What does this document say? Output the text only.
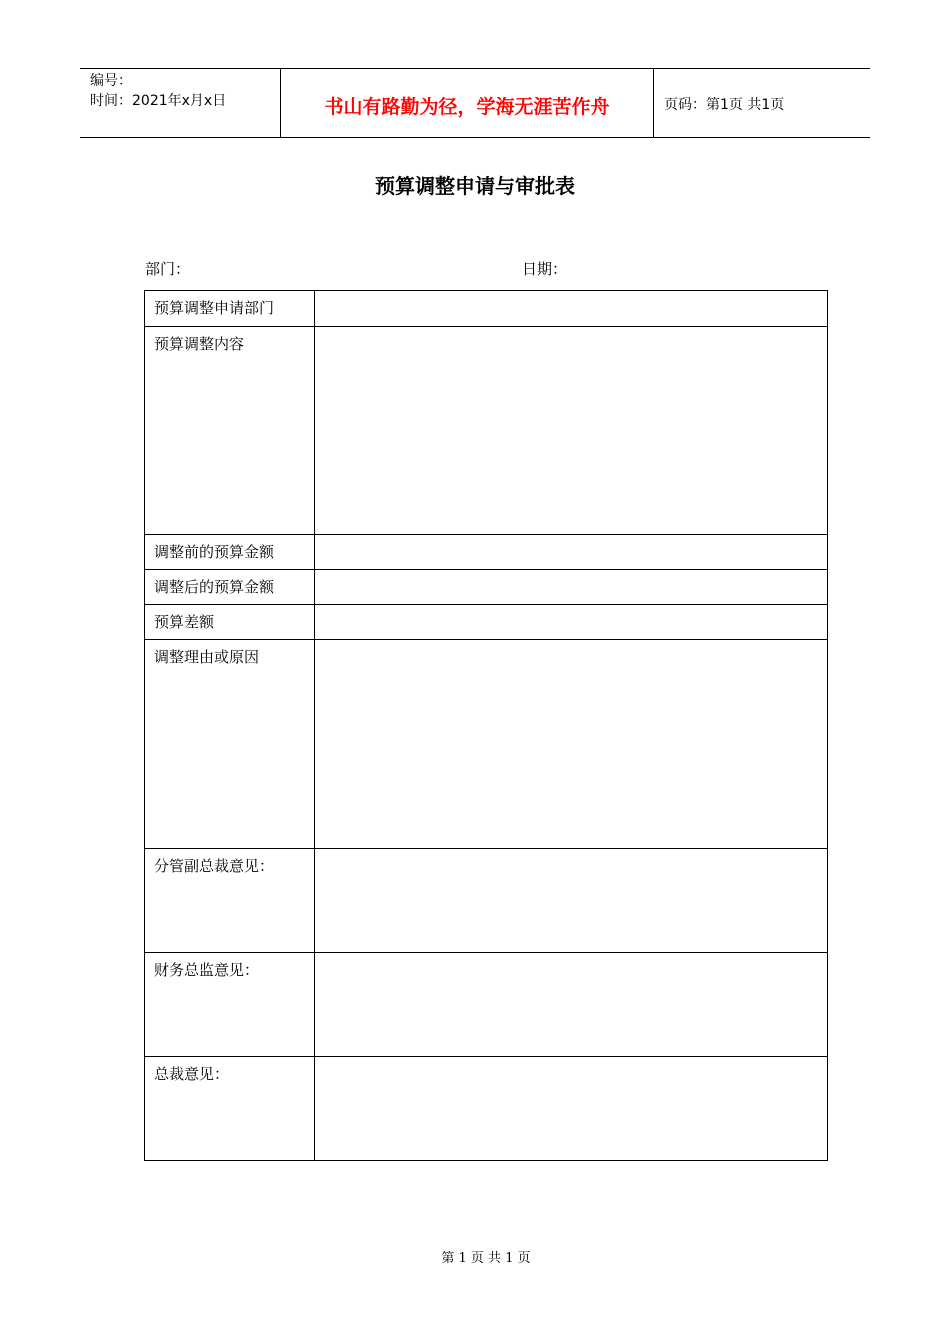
编号：
时间：2021年x月x日	书山有路勤为径，学海无涯苦作舟	页码：第1页 共1页
预算调整申请与审批表
部门：	日期：
预算调整申请部门	
预算调整内容	
调整前的预算金额	
调整后的预算金额	
预算差额	
调整理由或原因	
分管副总裁意见：	
财务总监意见：	
总裁意见：	
第 1 页 共 1 页
